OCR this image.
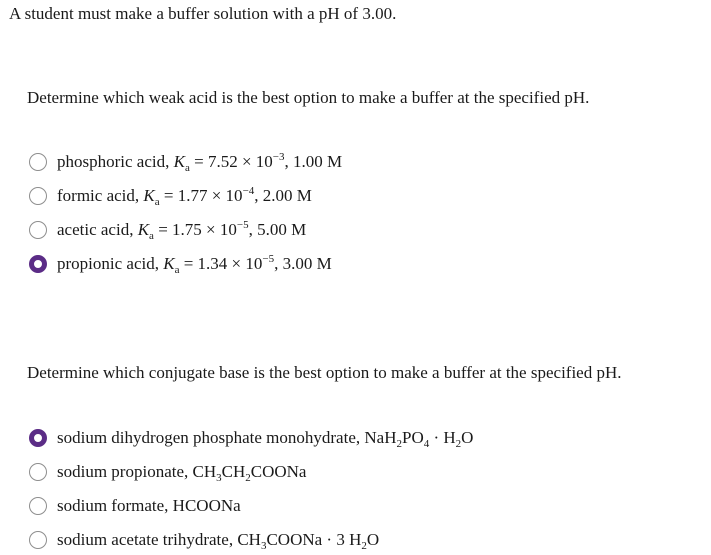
A student must make a buffer solution with a pH of 3.00.
Determine which weak acid is the best option to make a buffer at the specified pH.
phosphoric acid, $K_a = 7.52 \times 10^{-3}$, 1.00 M
formic acid, $K_a = 1.77 \times 10^{-4}$, 2.00 M
acetic acid, $K_a = 1.75 \times 10^{-5}$, 5.00 M
propionic acid, $K_a = 1.34 \times 10^{-5}$, 3.00 M
Determine which conjugate base is the best option to make a buffer at the specified pH.
sodium dihydrogen phosphate monohydrate, $NaH_2PO_4 \cdot H_2O$
sodium propionate, $CH_3CH_2COONa$
sodium formate, HCOONa
sodium acetate trihydrate, $CH_3COONa \cdot 3$ $H_2O$
